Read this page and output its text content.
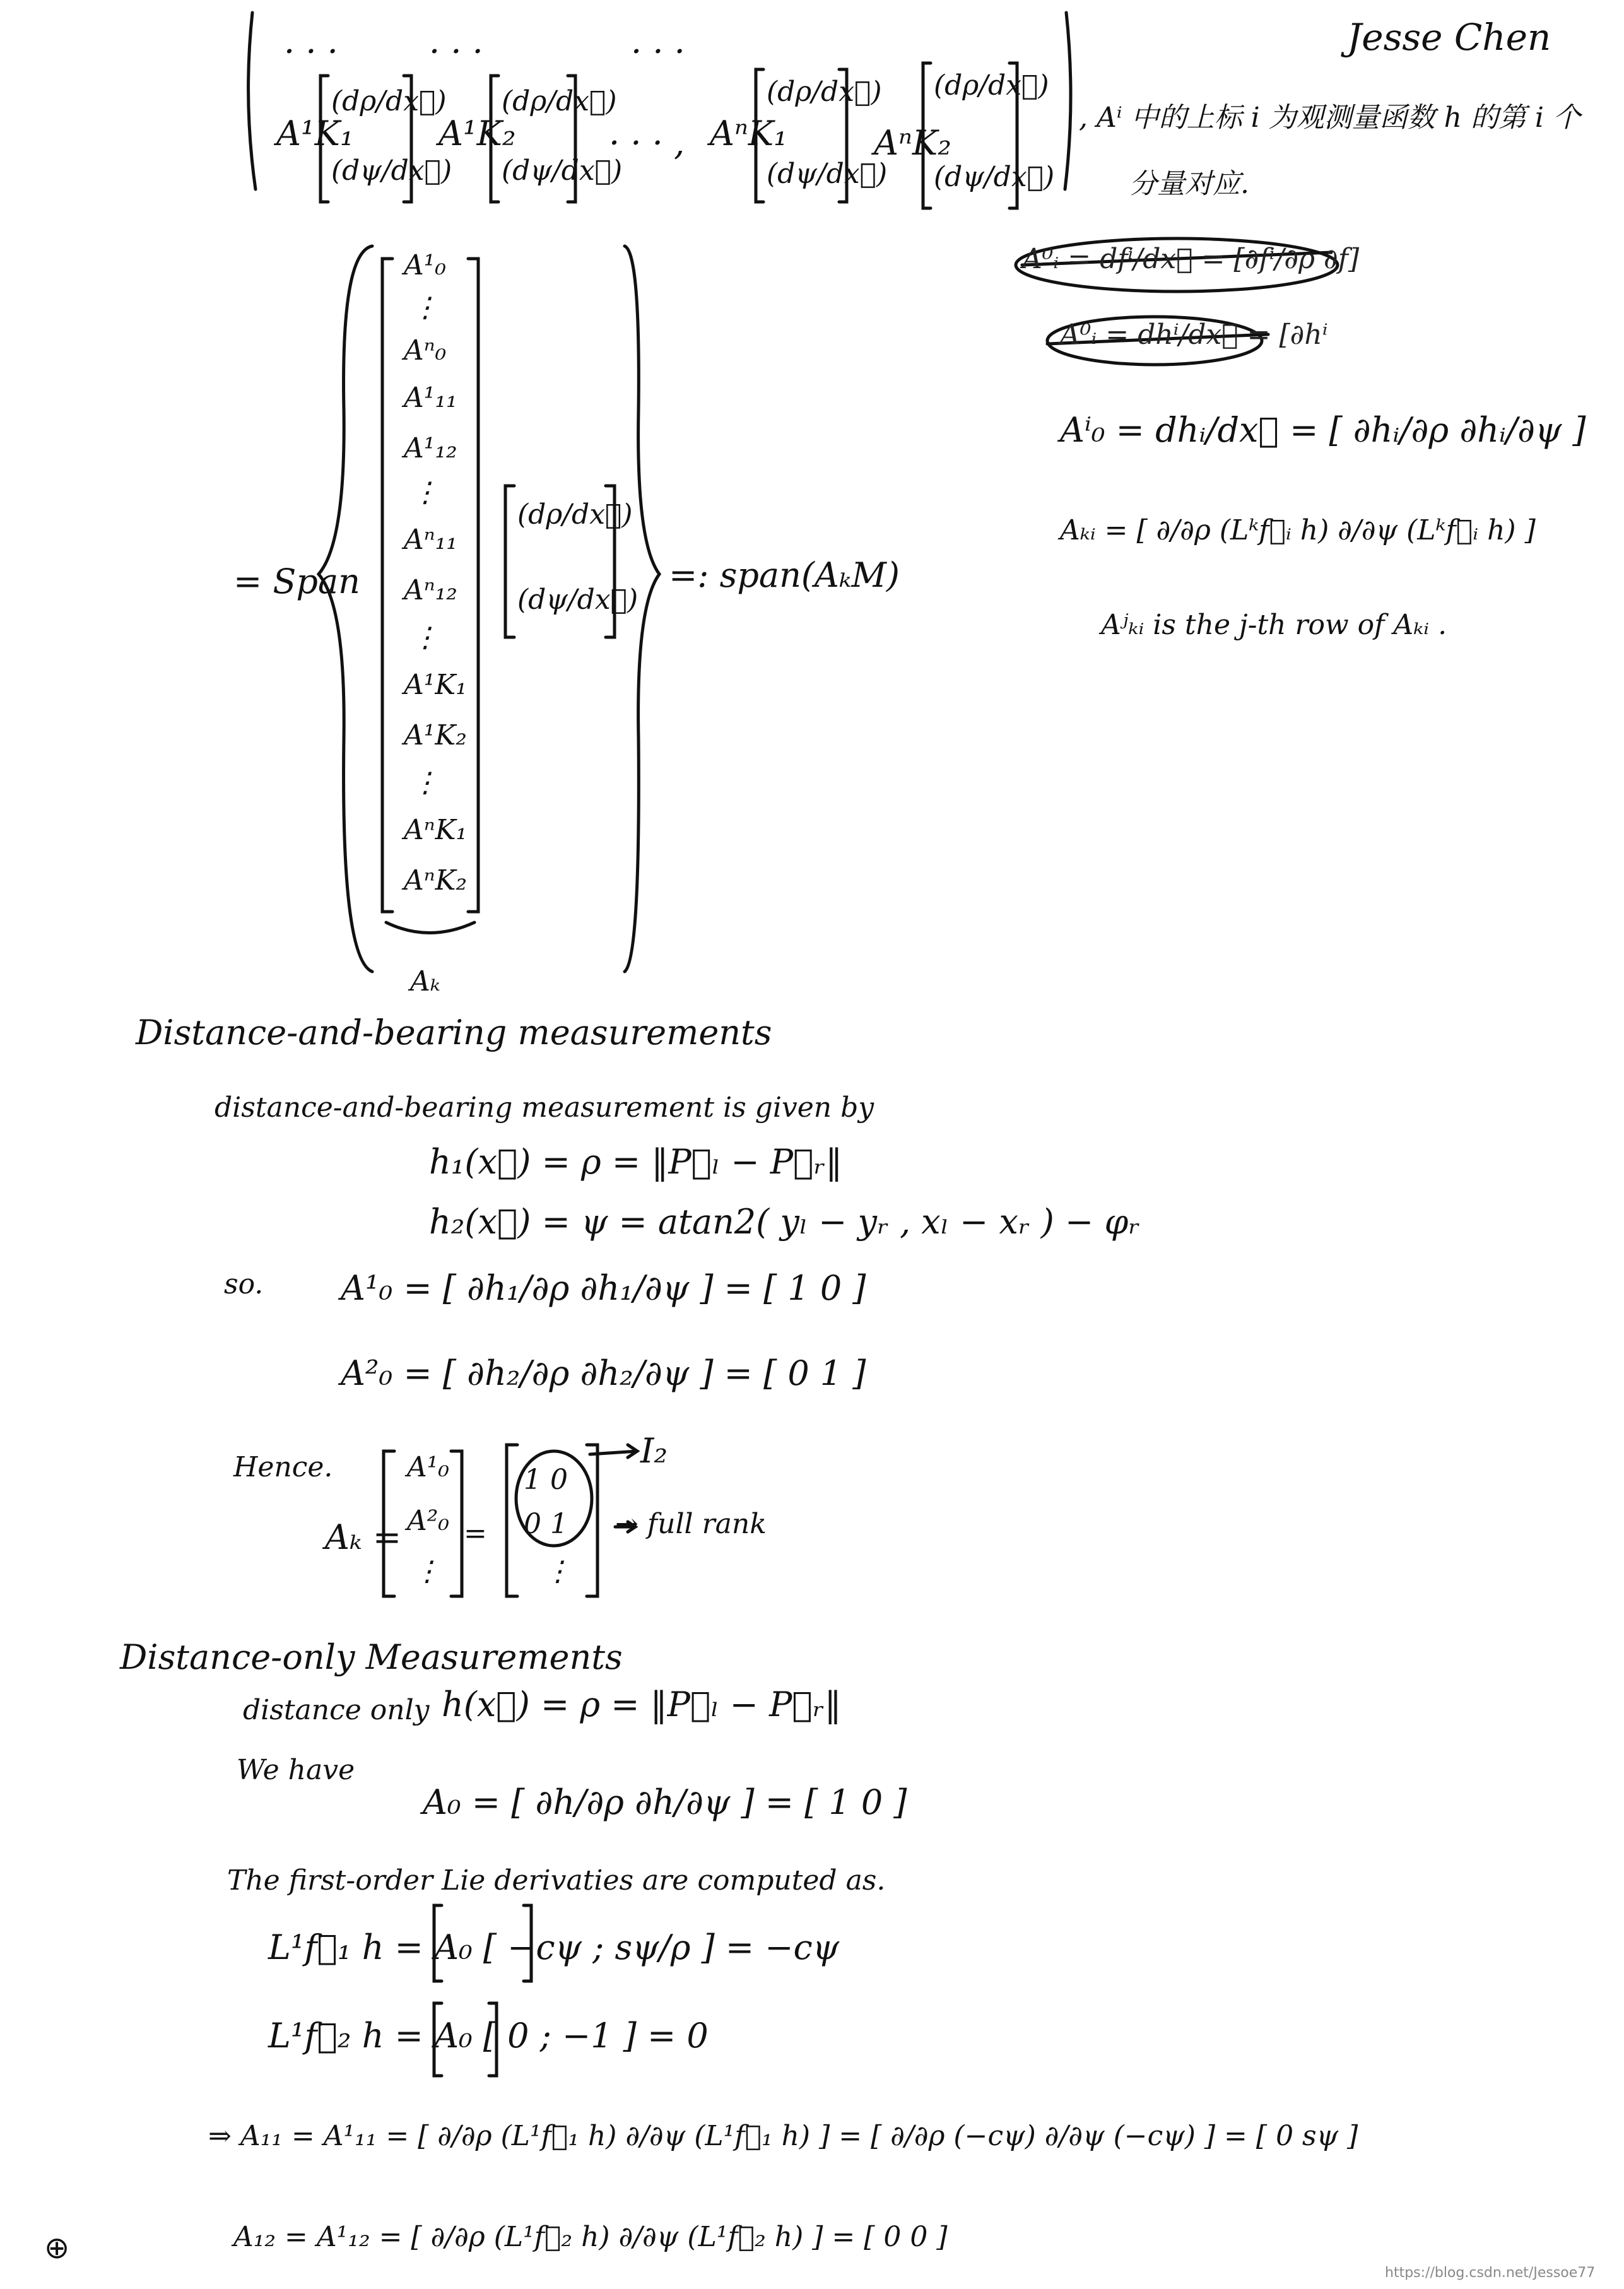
Jesse Chen
· · ·	· · ·	· · ·
A¹K₁
(dρ/dx⃗)
(dψ/dx⃗)
A¹K₂
(dρ/dx⃗)
(dψ/dx⃗)
· · · , AⁿK₁
(dρ/dx⃗)
(dψ/dx⃗)
AⁿK₂
(dρ/dx⃗)
(dψ/dx⃗)
, Aⁱ 中的上标 i 为观测量函数 h 的第 i 个
分量对应.
= Span
A¹₀
⋮
Aⁿ₀
A¹₁₁
A¹₁₂
⋮
Aⁿ₁₁
Aⁿ₁₂
⋮
A¹K₁
A¹K₂
⋮
AⁿK₁
AⁿK₂
(dρ/dx⃗)
(dψ/dx⃗)
=: span(AₖM)
Aₖ
A⁰ᵢ = dfⁱ/dx⃗ = [∂fⁱ/∂ρ ∂f]
A⁰ᵢ = dhⁱ/dx⃗ = [∂hⁱ
Aⁱ₀ = dhᵢ/dx⃗ = [ ∂hᵢ/∂ρ ∂hᵢ/∂ψ ]
Aₖᵢ = [ ∂/∂ρ (Lᵏf⃗ᵢ h) ∂/∂ψ (Lᵏf⃗ᵢ h) ]
Aʲₖᵢ is the j-th row of Aₖᵢ .
Distance-and-bearing measurements
distance-and-bearing measurement is given by
h₁(x⃗) = ρ = ‖P⃗ₗ − P⃗ᵣ‖
h₂(x⃗) = ψ = atan2( yₗ − yᵣ , xₗ − xᵣ ) − φᵣ
so. A¹₀ = [ ∂h₁/∂ρ ∂h₁/∂ψ ] = [ 1 0 ]
A²₀ = [ ∂h₂/∂ρ ∂h₂/∂ψ ] = [ 0 1 ]
Hence.
Aₖ =
A¹₀
A²₀
⋮
=
1 0
0 1
⋮
I₂
→ full rank
Distance-only Measurements
distance only h(x⃗) = ρ = ‖P⃗ₗ − P⃗ᵣ‖
We have
A₀ = [ ∂h/∂ρ ∂h/∂ψ ] = [ 1 0 ]
The first-order Lie derivaties are computed as.
L¹f⃗₁ h = A₀ [ −cψ ; sψ/ρ ] = −cψ
L¹f⃗₂ h = A₀ [ 0 ; −1 ] = 0
⇒ A₁₁ = A¹₁₁ = [ ∂/∂ρ (L¹f⃗₁ h) ∂/∂ψ (L¹f⃗₁ h) ] = [ ∂/∂ρ (−cψ) ∂/∂ψ (−cψ) ] = [ 0 sψ ]
A₁₂ = A¹₁₂ = [ ∂/∂ρ (L¹f⃗₂ h) ∂/∂ψ (L¹f⃗₂ h) ] = [ 0 0 ]
⊕
https://blog.csdn.net/Jessoe77
